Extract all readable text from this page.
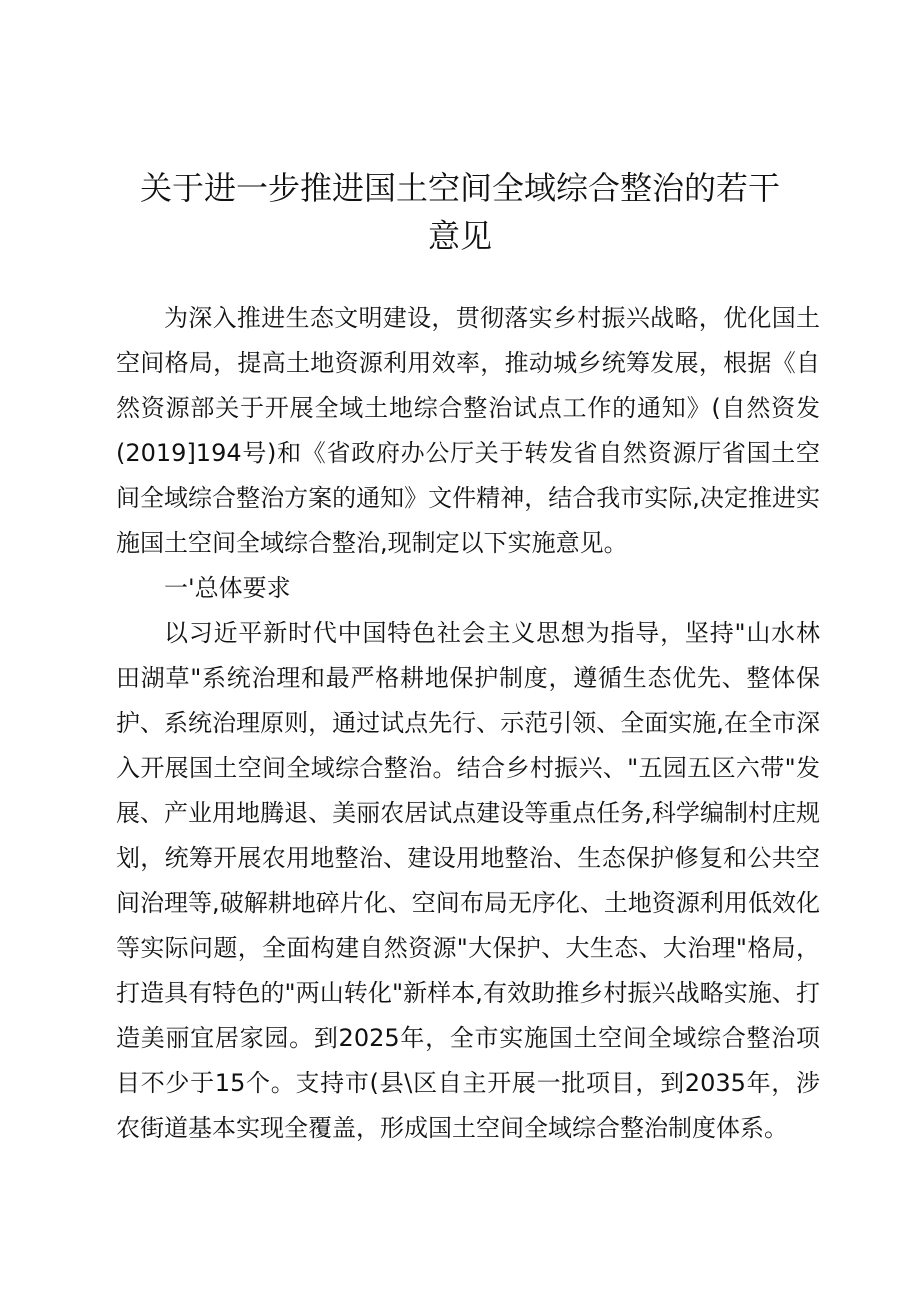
关于进一步推进国土空间全域综合整治的若干意见

为深入推进生态文明建设，贯彻落实乡村振兴战略，优化国土空间格局，提高土地资源利用效率，推动城乡统筹发展，根据《自然资源部关于开展全域土地综合整治试点工作的通知》(自然资发(2019]194号)和《省政府办公厅关于转发省自然资源厅省国土空间全域综合整治方案的通知》文件精神，结合我市实际,决定推进实施国土空间全域综合整治,现制定以下实施意见。

一'总体要求

以习近平新时代中国特色社会主义思想为指导，坚持"山水林田湖草"系统治理和最严格耕地保护制度，遵循生态优先、整体保护、系统治理原则，通过试点先行、示范引领、全面实施,在全市深入开展国土空间全域综合整治。结合乡村振兴、"五园五区六带"发展、产业用地腾退、美丽农居试点建设等重点任务,科学编制村庄规划，统筹开展农用地整治、建设用地整治、生态保护修复和公共空间治理等,破解耕地碎片化、空间布局无序化、土地资源利用低效化等实际问题，全面构建自然资源"大保护、大生态、大治理"格局，打造具有特色的"两山转化"新样本,有效助推乡村振兴战略实施、打造美丽宜居家园。到2025年，全市实施国土空间全域综合整治项目不少于15个。支持市(县\区自主开展一批项目，到2035年，涉农街道基本实现全覆盖，形成国土空间全域综合整治制度体系。
